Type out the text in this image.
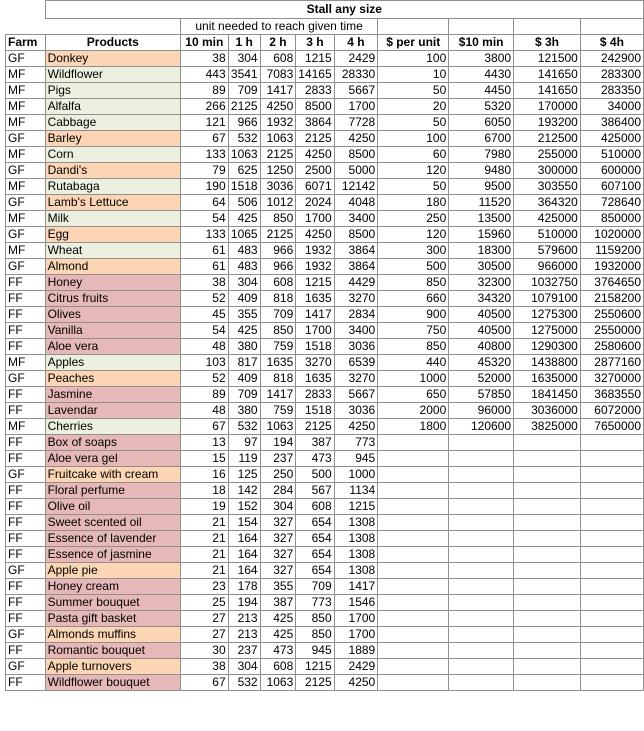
	Stall any size									
		unit needed to reach given time								
Farm	Products	10 min	1 h	2 h	3 h	4 h	$ per unit	$10 min	$ 3h	$ 4h
GF	Donkey	38	304	608	1215	2429	100	3800	121500	242900
MF	Wildflower	443	3541	7083	14165	28330	10	4430	141650	283300
MF	Pigs	89	709	1417	2833	5667	50	4450	141650	283350
MF	Alfalfa	266	2125	4250	8500	1700	20	5320	170000	34000
MF	Cabbage	121	966	1932	3864	7728	50	6050	193200	386400
GF	Barley	67	532	1063	2125	4250	100	6700	212500	425000
MF	Corn	133	1063	2125	4250	8500	60	7980	255000	510000
GF	Dandi's	79	625	1250	2500	5000	120	9480	300000	600000
MF	Rutabaga	190	1518	3036	6071	12142	50	9500	303550	607100
GF	Lamb's Lettuce	64	506	1012	2024	4048	180	11520	364320	728640
MF	Milk	54	425	850	1700	3400	250	13500	425000	850000
GF	Egg	133	1065	2125	4250	8500	120	15960	510000	1020000
MF	Wheat	61	483	966	1932	3864	300	18300	579600	1159200
GF	Almond	61	483	966	1932	3864	500	30500	966000	1932000
FF	Honey	38	304	608	1215	4429	850	32300	1032750	3764650
FF	Citrus fruits	52	409	818	1635	3270	660	34320	1079100	2158200
FF	Olives	45	355	709	1417	2834	900	40500	1275300	2550600
FF	Vanilla	54	425	850	1700	3400	750	40500	1275000	2550000
FF	Aloe vera	48	380	759	1518	3036	850	40800	1290300	2580600
MF	Apples	103	817	1635	3270	6539	440	45320	1438800	2877160
GF	Peaches	52	409	818	1635	3270	1000	52000	1635000	3270000
FF	Jasmine	89	709	1417	2833	5667	650	57850	1841450	3683550
FF	Lavendar	48	380	759	1518	3036	2000	96000	3036000	6072000
MF	Cherries	67	532	1063	2125	4250	1800	120600	3825000	7650000
FF	Box of soaps	13	97	194	387	773				
FF	Aloe vera gel	15	119	237	473	945				
GF	Fruitcake with cream	16	125	250	500	1000				
FF	Floral perfume	18	142	284	567	1134				
FF	Olive oil	19	152	304	608	1215				
FF	Sweet scented oil	21	154	327	654	1308				
FF	Essence of lavender	21	164	327	654	1308				
FF	Essence of jasmine	21	164	327	654	1308				
GF	Apple pie	21	164	327	654	1308				
FF	Honey cream	23	178	355	709	1417				
FF	Summer bouquet	25	194	387	773	1546				
FF	Pasta gift basket	27	213	425	850	1700				
GF	Almonds muffins	27	213	425	850	1700				
FF	Romantic bouquet	30	237	473	945	1889				
GF	Apple turnovers	38	304	608	1215	2429				
FF	Wildflower bouquet	67	532	1063	2125	4250				
